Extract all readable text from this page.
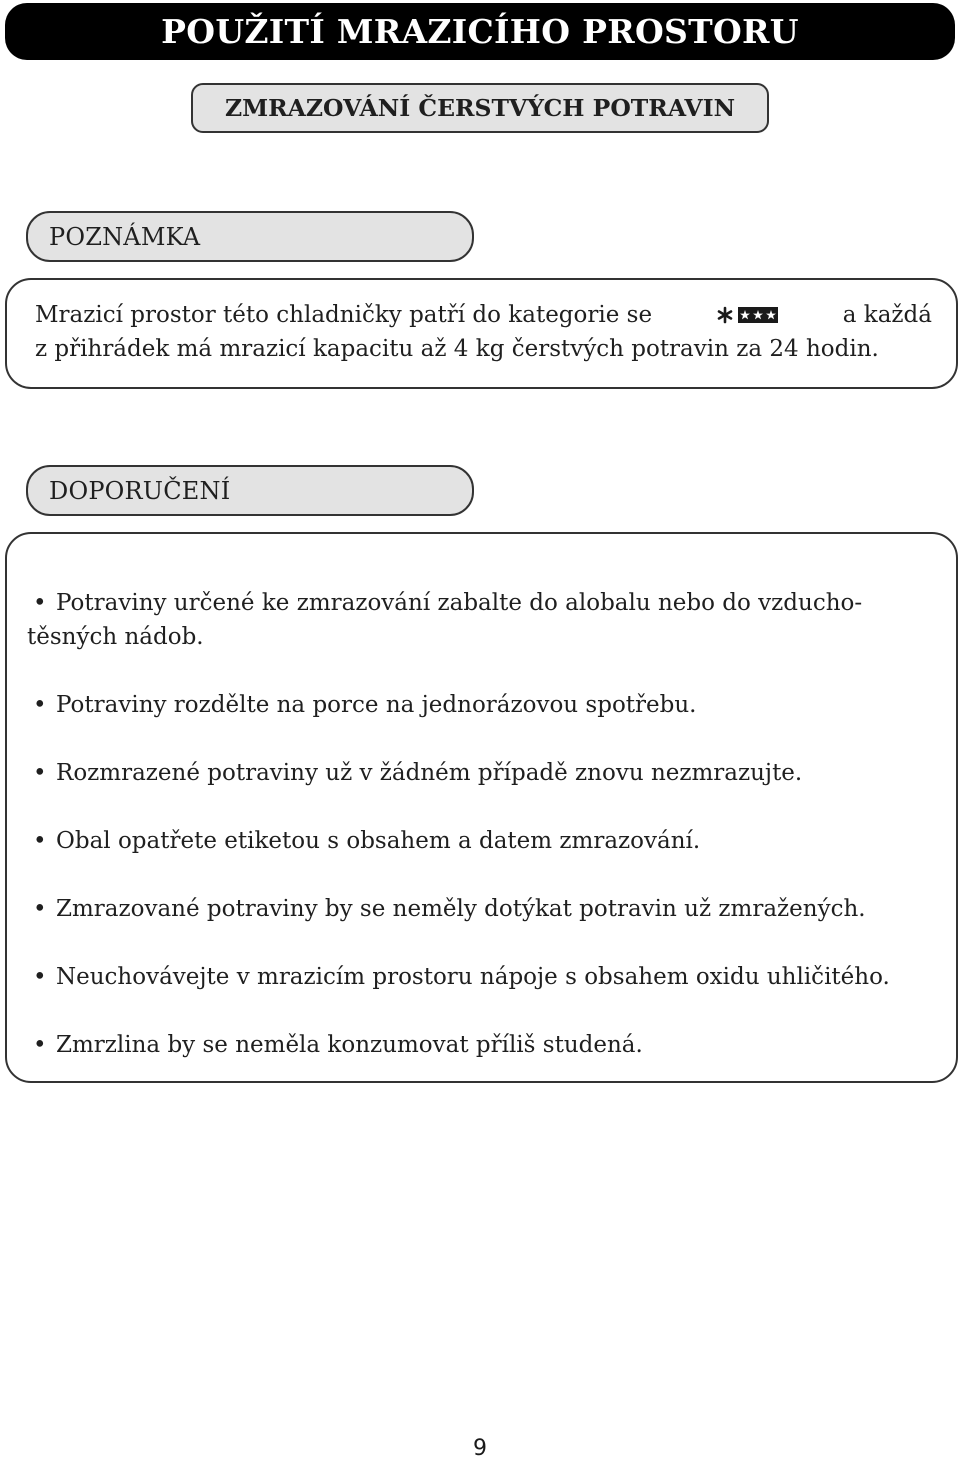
POUŽITÍ MRAZICÍHO PROSTORU
ZMRAZOVÁNÍ ČERSTVÝCH POTRAVIN
POZNÁMKA
Mrazicí prostor této chladničky patří do kategorie se	a každá
z přihrádek má mrazicí kapacitu až 4 kg čerstvých potravin za 24 hodin.
DOPORUČENÍ
• Potraviny určené ke zmrazování zabalte do alobalu nebo do vzducho-těsných nádob.
• Potraviny rozdělte na porce na jednorázovou spotřebu.
• Rozmrazené potraviny už v žádném případě znovu nezmrazujte.
• Obal opatřete etiketou s obsahem a datem zmrazování.
• Zmrazované potraviny by se neměly dotýkat potravin už zmražených.
• Neuchovávejte v mrazicím prostoru nápoje s obsahem oxidu uhličitého.
• Zmrzlina by se neměla konzumovat příliš studená.
9
